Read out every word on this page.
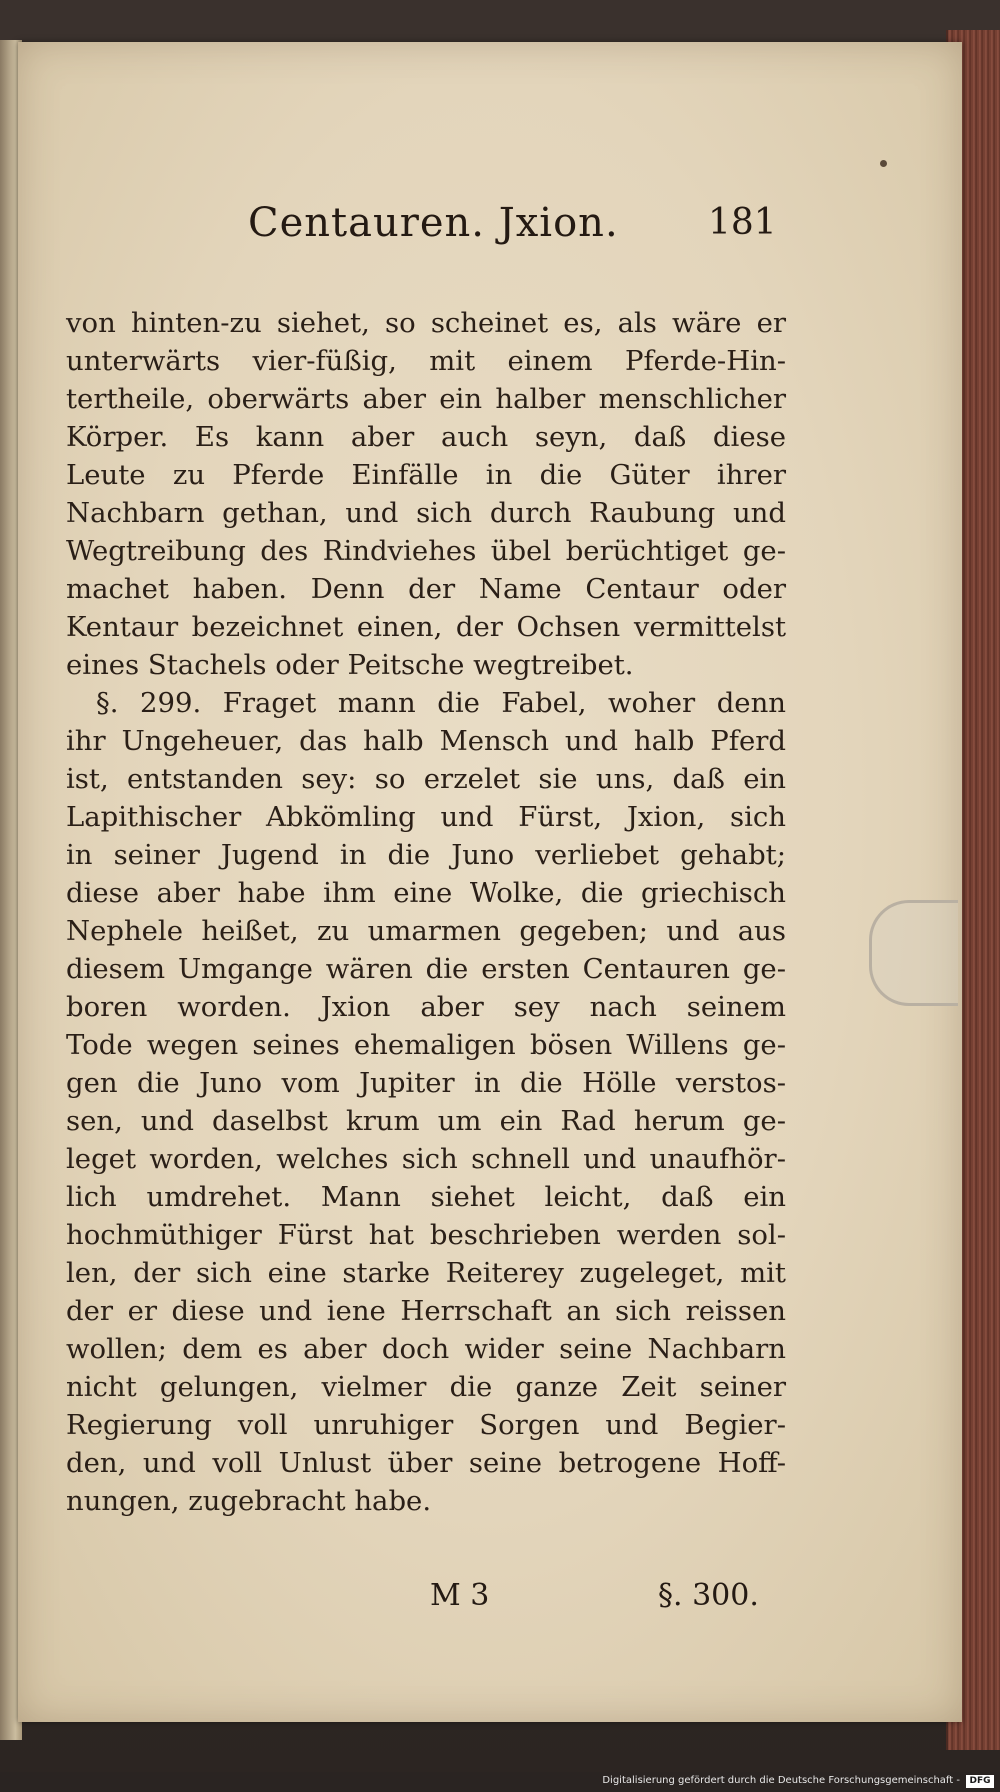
Centauren. Jxion. 181
von hinten-zu siehet, so scheinet es, als wäre er
unterwärts vier-füßig, mit einem Pferde-Hin-
tertheile, oberwärts aber ein halber menschlicher
Körper. Es kann aber auch seyn, daß diese
Leute zu Pferde Einfälle in die Güter ihrer
Nachbarn gethan, und sich durch Raubung und
Wegtreibung des Rindviehes übel berüchtiget ge-
machet haben. Denn der Name Centaur oder
Kentaur bezeichnet einen, der Ochsen vermittelst
eines Stachels oder Peitsche wegtreibet.
§. 299. Fraget mann die Fabel, woher denn
ihr Ungeheuer, das halb Mensch und halb Pferd
ist, entstanden sey: so erzelet sie uns, daß ein
Lapithischer Abkömling und Fürst, Jxion, sich
in seiner Jugend in die Juno verliebet gehabt;
diese aber habe ihm eine Wolke, die griechisch
Nephele heißet, zu umarmen gegeben; und aus
diesem Umgange wären die ersten Centauren ge-
boren worden. Jxion aber sey nach seinem
Tode wegen seines ehemaligen bösen Willens ge-
gen die Juno vom Jupiter in die Hölle verstos-
sen, und daselbst krum um ein Rad herum ge-
leget worden, welches sich schnell und unaufhör-
lich umdrehet. Mann siehet leicht, daß ein
hochmüthiger Fürst hat beschrieben werden sol-
len, der sich eine starke Reiterey zugeleget, mit
der er diese und iene Herrschaft an sich reissen
wollen; dem es aber doch wider seine Nachbarn
nicht gelungen, vielmer die ganze Zeit seiner
Regierung voll unruhiger Sorgen und Begier-
den, und voll Unlust über seine betrogene Hoff-
nungen, zugebracht habe.
M 3	§. 300.
Digitalisierung gefördert durch die Deutsche Forschungsgemeinschaft -	DFG
